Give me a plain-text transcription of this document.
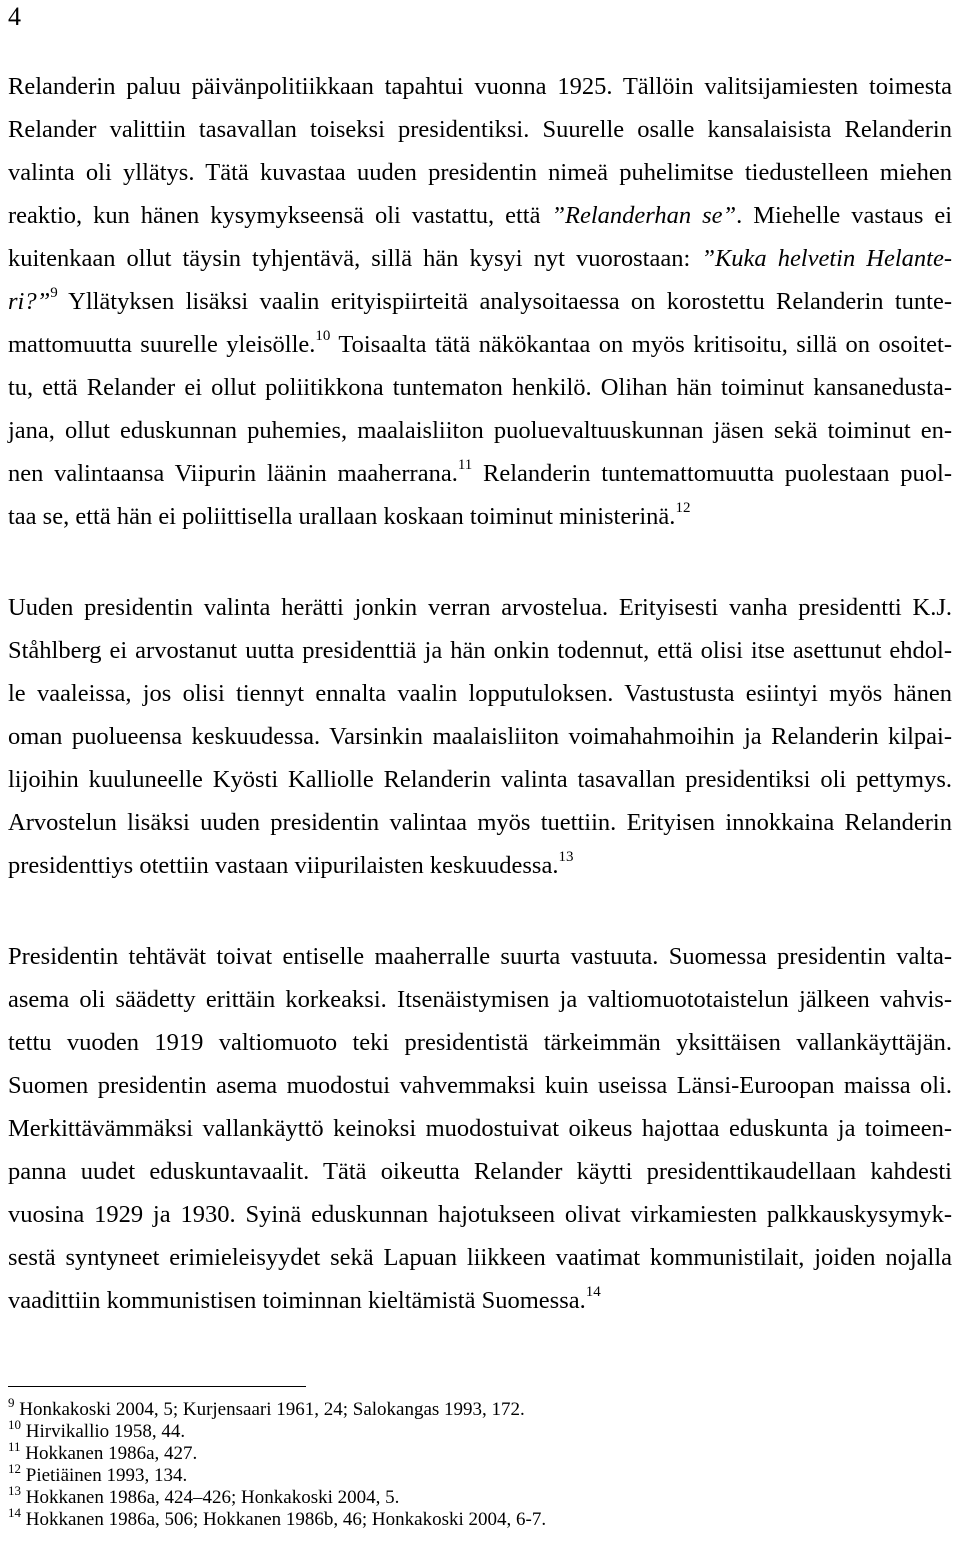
4
Relanderin paluu päivänpolitiikkaan tapahtui vuonna 1925. Tällöin valitsijamiesten toimesta
Relander valittiin tasavallan toiseksi presidentiksi. Suurelle osalle kansalaisista Relanderin
valinta oli yllätys. Tätä kuvastaa uuden presidentin nimeä puhelimitse tiedustelleen miehen
reaktio, kun hänen kysymykseensä oli vastattu, että ”Relanderhan se”. Miehelle vastaus ei
kuitenkaan ollut täysin tyhjentävä, sillä hän kysyi nyt vuorostaan: ”Kuka helvetin Helante-
ri?”$^9$ Yllätyksen lisäksi vaalin erityispiirteitä analysoitaessa on korostettu Relanderin tunte-
mattomuutta suurelle yleisölle.$^{10}$ Toisaalta tätä näkökantaa on myös kritisoitu, sillä on osoitet-
tu, että Relander ei ollut poliitikkona tuntematon henkilö. Olihan hän toiminut kansanedusta-
jana, ollut eduskunnan puhemies, maalaisliiton puoluevaltuuskunnan jäsen sekä toiminut en-
nen valintaansa Viipurin läänin maaherrana.$^{11}$ Relanderin tuntemattomuutta puolestaan puol-
taa se, että hän ei poliittisella urallaan koskaan toiminut ministerinä.$^{12}$
Uuden presidentin valinta herätti jonkin verran arvostelua. Erityisesti vanha presidentti K.J.
Ståhlberg ei arvostanut uutta presidenttiä ja hän onkin todennut, että olisi itse asettunut ehdol-
le vaaleissa, jos olisi tiennyt ennalta vaalin lopputuloksen. Vastustusta esiintyi myös hänen
oman puolueensa keskuudessa. Varsinkin maalaisliiton voimahahmoihin ja Relanderin kilpai-
lijoihin kuuluneelle Kyösti Kalliolle Relanderin valinta tasavallan presidentiksi oli pettymys.
Arvostelun lisäksi uuden presidentin valintaa myös tuettiin. Erityisen innokkaina Relanderin
presidenttiys otettiin vastaan viipurilaisten keskuudessa.$^{13}$
Presidentin tehtävät toivat entiselle maaherralle suurta vastuuta. Suomessa presidentin valta-
asema oli säädetty erittäin korkeaksi. Itsenäistymisen ja valtiomuototaistelun jälkeen vahvis-
tettu vuoden 1919 valtiomuoto teki presidentistä tärkeimmän yksittäisen vallankäyttäjän.
Suomen presidentin asema muodostui vahvemmaksi kuin useissa Länsi-Euroopan maissa oli.
Merkittävämmäksi vallankäyttö keinoksi muodostuivat oikeus hajottaa eduskunta ja toimeen-
panna uudet eduskuntavaalit. Tätä oikeutta Relander käytti presidenttikaudellaan kahdesti
vuosina 1929 ja 1930. Syinä eduskunnan hajotukseen olivat virkamiesten palkkauskysymyk-
sestä syntyneet erimieleisyydet sekä Lapuan liikkeen vaatimat kommunistilait, joiden nojalla
vaadittiin kommunistisen toiminnan kieltämistä Suomessa.$^{14}$
$^9$ Honkakoski 2004, 5; Kurjensaari 1961, 24; Salokangas 1993, 172.
$^{10}$ Hirvikallio 1958, 44.
$^{11}$ Hokkanen 1986a, 427.
$^{12}$ Pietiäinen 1993, 134.
$^{13}$ Hokkanen 1986a, 424–426; Honkakoski 2004, 5.
$^{14}$ Hokkanen 1986a, 506; Hokkanen 1986b, 46; Honkakoski 2004, 6-7.
